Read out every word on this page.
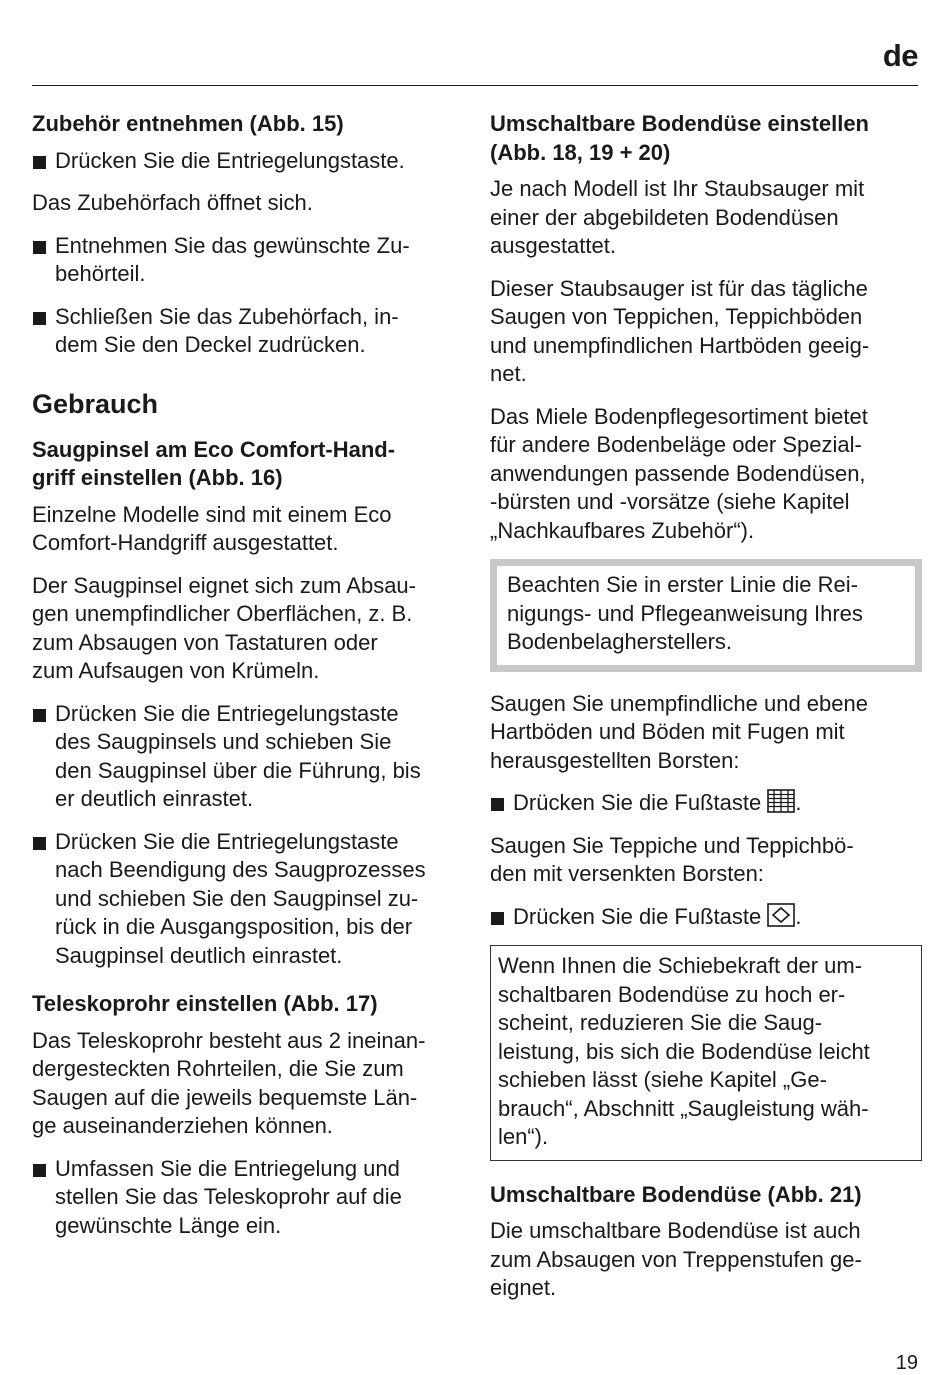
de
Zubehör entnehmen (Abb. 15)
Drücken Sie die Entriegelungstaste.
Das Zubehörfach öffnet sich.
Entnehmen Sie das gewünschte Zu-
behörteil.
Schließen Sie das Zubehörfach, in-
dem Sie den Deckel zudrücken.
Gebrauch
Saugpinsel am Eco Comfort-Hand-
griff einstellen (Abb. 16)
Einzelne Modelle sind mit einem Eco
Comfort-Handgriff ausgestattet.
Der Saugpinsel eignet sich zum Absau-
gen unempfindlicher Oberflächen, z. B.
zum Absaugen von Tastaturen oder
zum Aufsaugen von Krümeln.
Drücken Sie die Entriegelungstaste
des Saugpinsels und schieben Sie
den Saugpinsel über die Führung, bis
er deutlich einrastet.
Drücken Sie die Entriegelungstaste
nach Beendigung des Saugprozesses
und schieben Sie den Saugpinsel zu-
rück in die Ausgangsposition, bis der
Saugpinsel deutlich einrastet.
Teleskoprohr einstellen (Abb. 17)
Das Teleskoprohr besteht aus 2 ineinan-
dergesteckten Rohrteilen, die Sie zum
Saugen auf die jeweils bequemste Län-
ge auseinanderziehen können.
Umfassen Sie die Entriegelung und
stellen Sie das Teleskoprohr auf die
gewünschte Länge ein.
Umschaltbare Bodendüse einstellen
(Abb. 18, 19 + 20)
Je nach Modell ist Ihr Staubsauger mit
einer der abgebildeten Bodendüsen
ausgestattet.
Dieser Staubsauger ist für das tägliche
Saugen von Teppichen, Teppichböden
und unempfindlichen Hartböden geeig-
net.
Das Miele Bodenpflegesortiment bietet
für andere Bodenbeläge oder Spezial-
anwendungen passende Bodendüsen,
-bürsten und -vorsätze (siehe Kapitel
„Nachkaufbares Zubehör“).
Beachten Sie in erster Linie die Rei-
nigungs- und Pflegeanweisung Ihres
Bodenbelagherstellers.
Saugen Sie unempfindliche und ebene
Hartböden und Böden mit Fugen mit
herausgestellten Borsten:
Drücken Sie die Fußtaste .
Saugen Sie Teppiche und Teppichbö-
den mit versenkten Borsten:
Drücken Sie die Fußtaste .
Wenn Ihnen die Schiebekraft der um-
schaltbaren Bodendüse zu hoch er-
scheint, reduzieren Sie die Saug-
leistung, bis sich die Bodendüse leicht
schieben lässt (siehe Kapitel „Ge-
brauch“, Abschnitt „Saugleistung wäh-
len“).
Umschaltbare Bodendüse (Abb. 21)
Die umschaltbare Bodendüse ist auch
zum Absaugen von Treppenstufen ge-
eignet.
19
